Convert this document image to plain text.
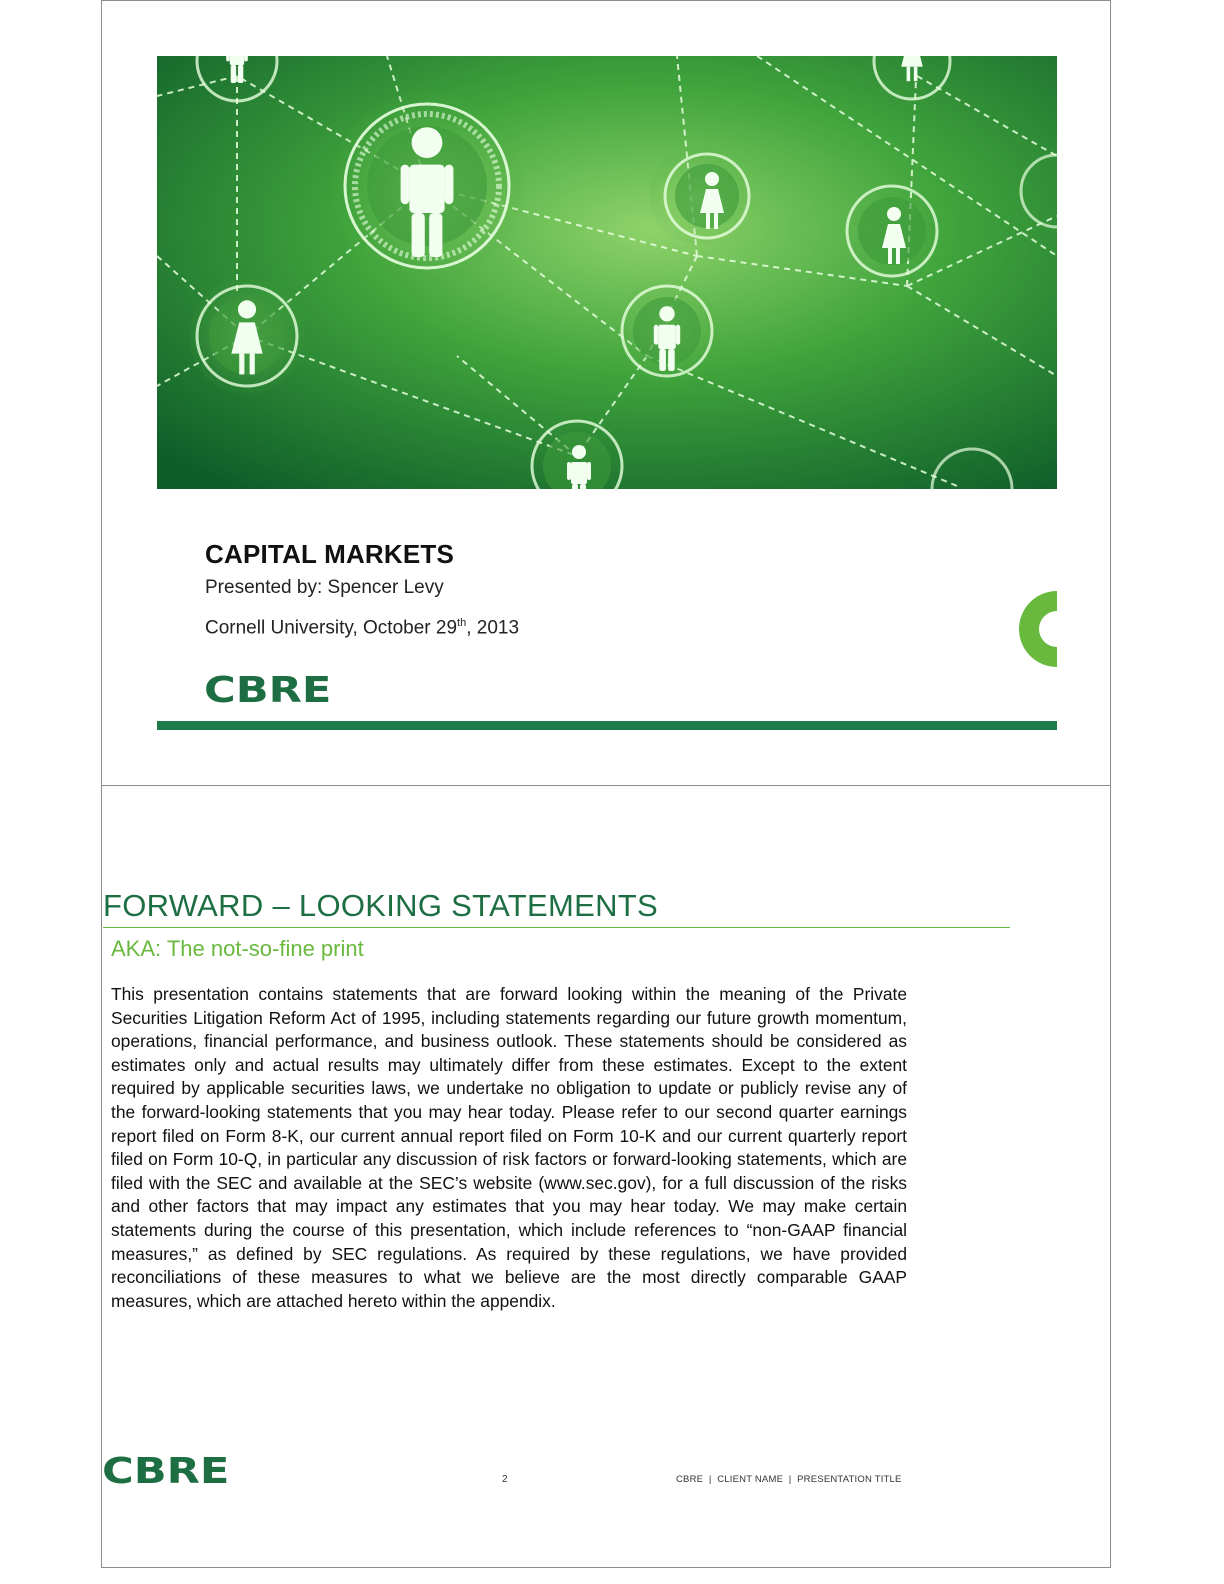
CAPITAL MARKETS
Presented by: Spencer Levy
Cornell University, October 29th, 2013
CBRE
FORWARD – LOOKING STATEMENTS
AKA: The not-so-fine print
This presentation contains statements that are forward looking within the meaning of the Private Securities Litigation Reform Act of 1995, including statements regarding our future growth momentum, operations, financial performance, and business outlook. These statements should be considered as estimates only and actual results may ultimately differ from these estimates. Except to the extent required by applicable securities laws, we undertake no obligation to update or publicly revise any of the forward-looking statements that you may hear today. Please refer to our second quarter earnings report filed on Form 8-K, our current annual report filed on Form 10-K and our current quarterly report filed on Form 10-Q, in particular any discussion of risk factors or forward-looking statements, which are filed with the SEC and available at the SEC’s website (www.sec.gov), for a full discussion of the risks and other factors that may impact any estimates that you may hear today. We may make certain statements during the course of this presentation, which include references to “non-GAAP financial measures,” as defined by SEC regulations. As required by these regulations, we have provided reconciliations of these measures to what we believe are the most directly comparable GAAP measures, which are attached hereto within the appendix.
CBRE	2	CBRE  |  CLIENT NAME  |  PRESENTATION TITLE
